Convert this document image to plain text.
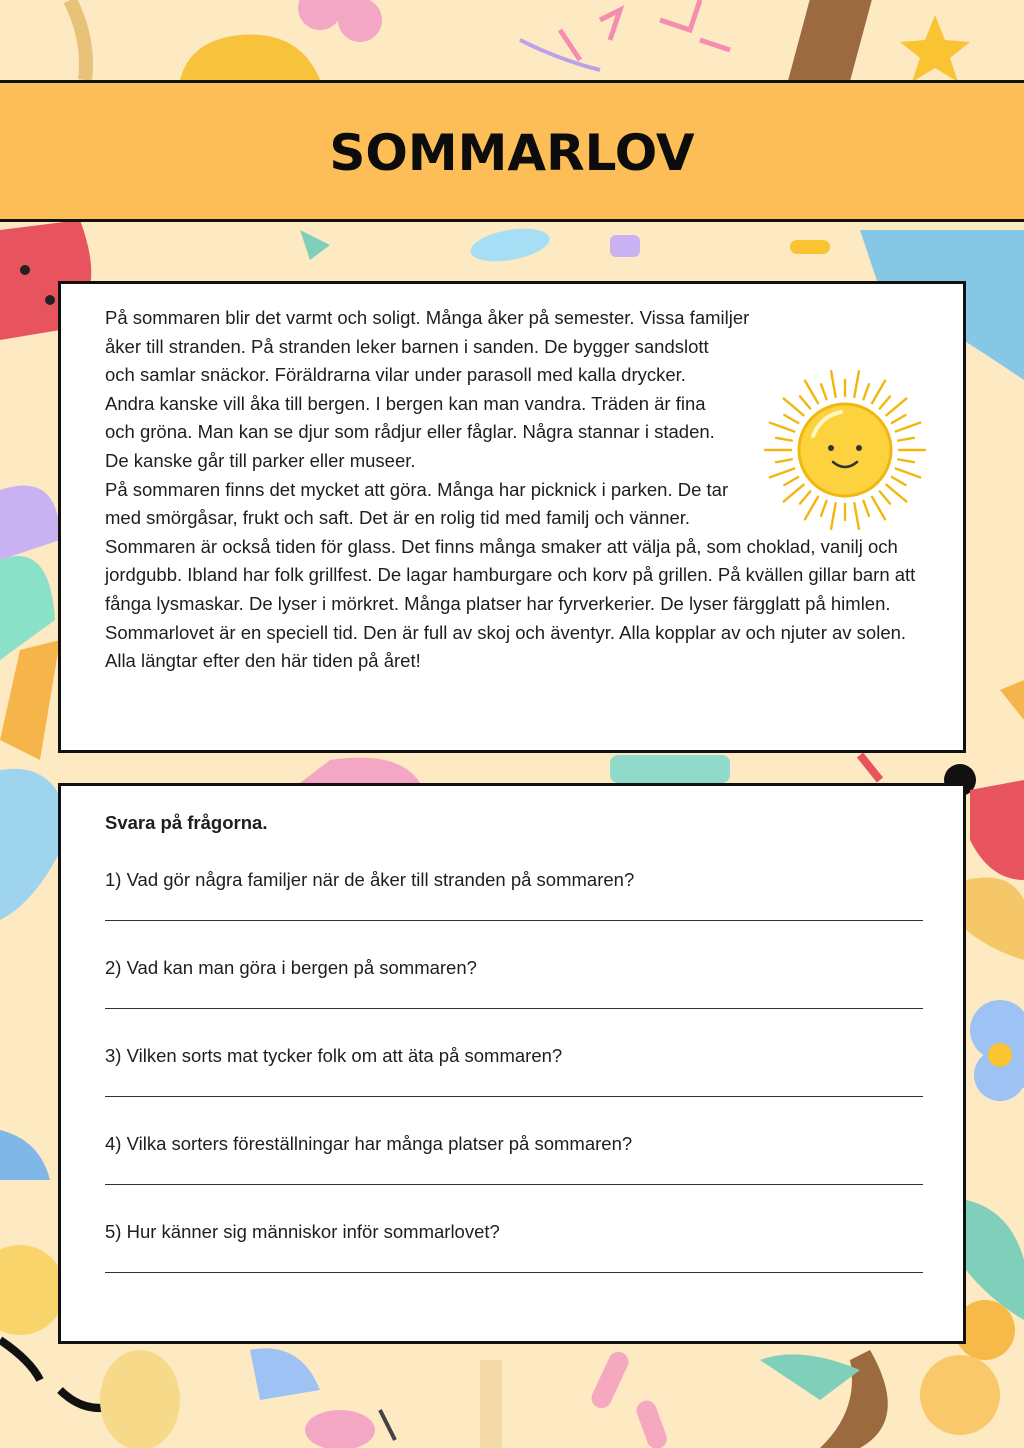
SOMMARLOV

På sommaren blir det varmt och soligt. Många åker på semester. Vissa familjer åker till stranden. På stranden leker barnen i sanden. De bygger sandslott och samlar snäckor. Föräldrarna vilar under parasoll med kalla drycker. Andra kanske vill åka till bergen. I bergen kan man vandra. Träden är fina och gröna. Man kan se djur som rådjur eller fåglar. Några stannar i staden. De kanske går till parker eller museer.

På sommaren finns det mycket att göra. Många har picknick i parken. De tar med smörgåsar, frukt och saft. Det är en rolig tid med familj och vänner.

Sommaren är också tiden för glass. Det finns många smaker att välja på, som choklad, vanilj och jordgubb. Ibland har folk grillfest. De lagar hamburgare och korv på grillen. På kvällen gillar barn att fånga lysmaskar. De lyser i mörkret. Många platser har fyrverkerier. De lyser färgglatt på himlen.

Sommarlovet är en speciell tid. Den är full av skoj och äventyr. Alla kopplar av och njuter av solen. Alla längtar efter den här tiden på året!

Svara på frågorna.

1) Vad gör några familjer när de åker till stranden på sommaren?

2) Vad kan man göra i bergen på sommaren?

3) Vilken sorts mat tycker folk om att äta på sommaren?

4) Vilka sorters föreställningar har många platser på sommaren?

5) Hur känner sig människor inför sommarlovet?
